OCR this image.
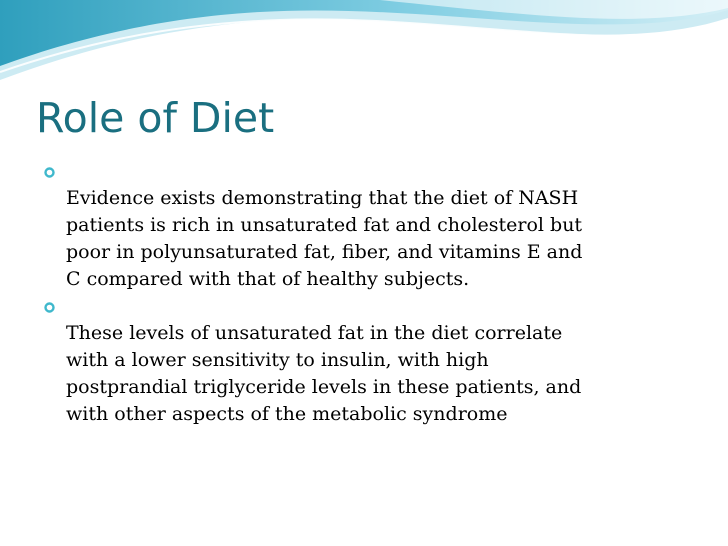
Role of Diet

Evidence exists demonstrating that the diet of NASH
patients is rich in unsaturated fat and cholesterol but
poor in polyunsaturated fat, fiber, and vitamins E and
C compared with that of healthy subjects.

These levels of unsaturated fat in the diet correlate
with a lower sensitivity to insulin, with high
postprandial triglyceride levels in these patients, and
with other aspects of the metabolic syndrome
